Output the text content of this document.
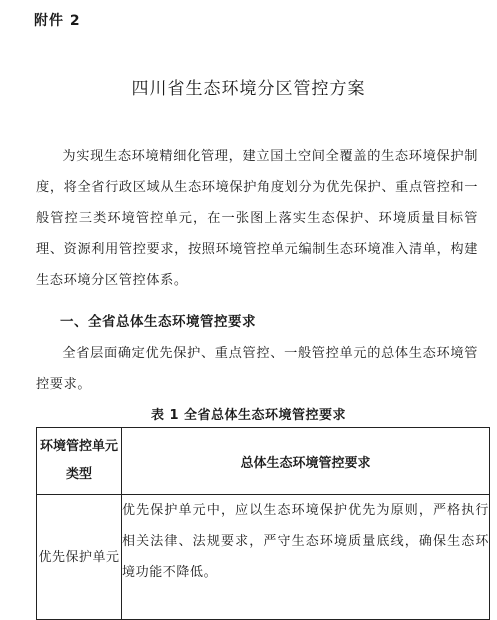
附件 2
四川省生态环境分区管控方案

为实现生态环境精细化管理，建立国土空间全覆盖的生态环境保护制度，将全省行政区域从生态环境保护角度划分为优先保护、重点管控和一般管控三类环境管控单元，在一张图上落实生态保护、环境质量目标管理、资源利用管控要求，按照环境管控单元编制生态环境准入清单，构建生态环境分区管控体系。

一、全省总体生态环境管控要求

全省层面确定优先保护、重点管控、一般管控单元的总体生态环境管控要求。

表 1 全省总体生态环境管控要求
环境管控单元类型	总体生态环境管控要求
优先保护单元	优先保护单元中，应以生态环境保护优先为原则，严格执行相关法律、法规要求，严守生态环境质量底线，确保生态环境功能不降低。
